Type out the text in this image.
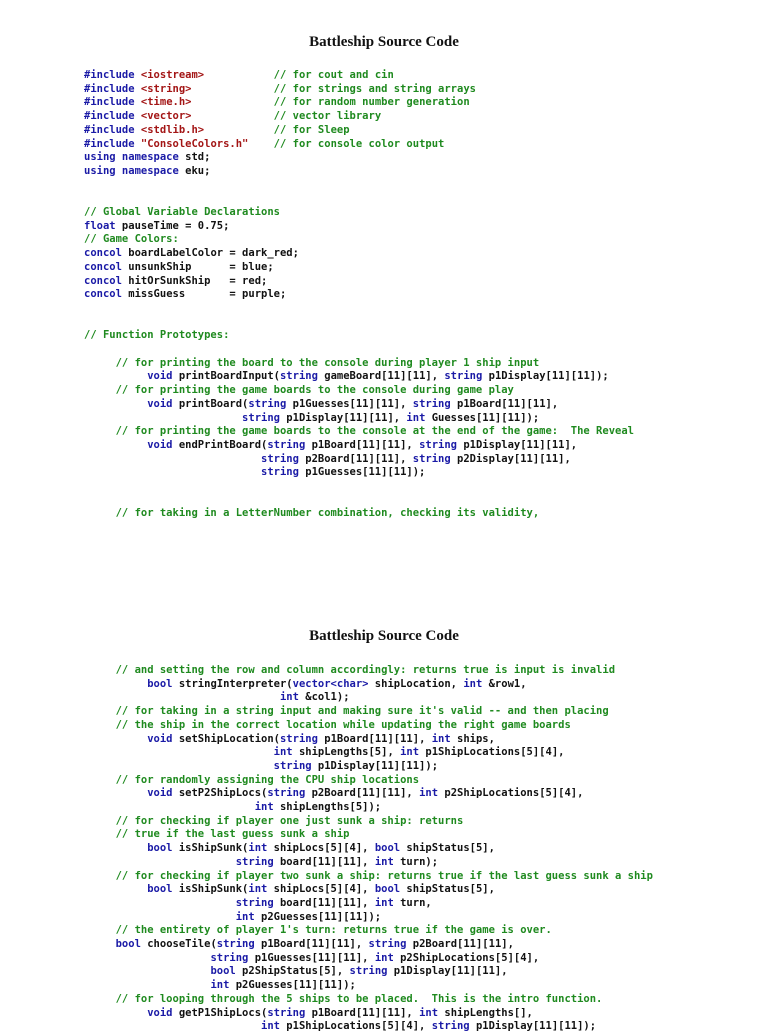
Battleship Source Code
#include <iostream>	// for cout and cin
#include <string>	// for strings and string arrays
#include <time.h>	// for random number generation
#include <vector>	// vector library
#include <stdlib.h>	// for Sleep
#include "ConsoleColors.h" // for console color output
using namespace std;
using namespace eku;
// Global Variable Declarations
float pauseTime = 0.75;
// Game Colors:
concol boardLabelColor = dark_red;
concol unsunkShip      = blue;
concol hitOrSunkShip   = red;
concol missGuess       = purple;
// Function Prototypes:
// for printing the board to the console during player 1 ship input
void printBoardInput(string gameBoard[11][11], string p1Display[11][11]);
// for printing the game boards to the console during game play
void printBoard(string p1Guesses[11][11], string p1Board[11][11],
string p1Display[11][11], int Guesses[11][11]);
// for printing the game boards to the console at the end of the game:  The Reveal
void endPrintBoard(string p1Board[11][11], string p1Display[11][11],
string p2Board[11][11], string p2Display[11][11],
string p1Guesses[11][11]);
// for taking in a LetterNumber combination, checking its validity,
Battleship Source Code
// and setting the row and column accordingly: returns true is input is invalid
bool stringInterpreter(vector<char> shipLocation, int &row1,
int &col1);
// for taking in a string input and making sure it's valid -- and then placing
// the ship in the correct location while updating the right game boards
void setShipLocation(string p1Board[11][11], int ships,
int shipLengths[5], int p1ShipLocations[5][4],
string p1Display[11][11]);
// for randomly assigning the CPU ship locations
void setP2ShipLocs(string p2Board[11][11], int p2ShipLocations[5][4],
int shipLengths[5]);
// for checking if player one just sunk a ship: returns
// true if the last guess sunk a ship
bool isShipSunk(int shipLocs[5][4], bool shipStatus[5],
string board[11][11], int turn);
// for checking if player two sunk a ship: returns true if the last guess sunk a ship
bool isShipSunk(int shipLocs[5][4], bool shipStatus[5],
string board[11][11], int turn,
int p2Guesses[11][11]);
// the entirety of player 1's turn: returns true if the game is over.
bool chooseTile(string p1Board[11][11], string p2Board[11][11],
string p1Guesses[11][11], int p2ShipLocations[5][4],
bool p2ShipStatus[5], string p1Display[11][11],
int p2Guesses[11][11]);
// for looping through the 5 ships to be placed.  This is the intro function.
void getP1ShipLocs(string p1Board[11][11], int shipLengths[],
int p1ShipLocations[5][4], string p1Display[11][11]);
